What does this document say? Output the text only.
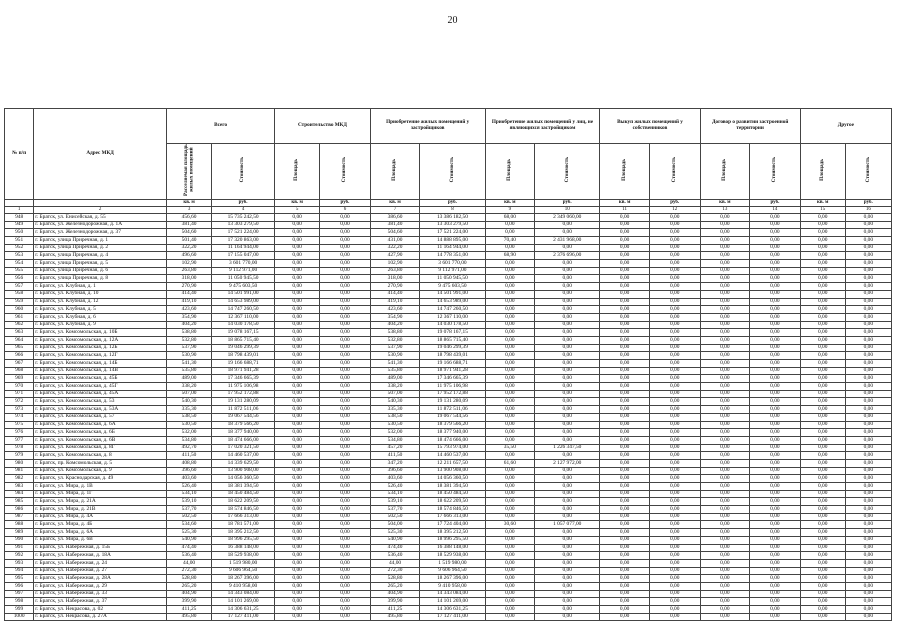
20
№ п/п	Адрес МКД	Всего		Строительство МКД		Приобретение жилых помещений у застройщиков		Приобретение жилых помещений у лиц, не являющихся застройщиком		Выкуп жилых помещений у собственников		Договор о развитии застроенной территории		Другое	
		Расселяемая площадь жилых помещений	Стоимость	Площадь	Стоимость	Площадь	Стоимость	Площадь	Стоимость	Площадь	Стоимость	Площадь	Стоимость	Площадь	Стоимость
		кв. м	руб.	кв. м	руб.	кв. м	руб.	кв. м	руб.	кв. м	руб.	кв. м	руб.	кв. м	руб.
1	2	3	4	5	6	7	8	9	10	11	12	13	14	15	16
948	г. Братск, ул. Енисейская, д. 55	456,60	15 735 242,50	0,00	0,00	386,60	13 386 182,50	68,00	2 349 060,00	0,00	0,00	0,00	0,00	0,00	0,00
949	г. Братск, ул. Железнодорожная, д. 1А	381,40	13 303 279,50	0,00	0,00	381,40	13 303 279,50	0,00	0,00	0,00	0,00	0,00	0,00	0,00	0,00
950	г. Братск, ул. Железнодорожная, д. 37	504,60	17 521 224,00	0,00	0,00	504,60	17 521 224,00	0,00	0,00	0,00	0,00	0,00	0,00	0,00	0,00
951	г. Братск, улица Приречная, д. 1	501,40	17 320 863,00	0,00	0,00	431,00	14 888 895,00	70,40	2 431 968,00	0,00	0,00	0,00	0,00	0,00	0,00
952	г. Братск, улица Приречная, д. 2	322,20	11 164 944,00	0,00	0,00	322,20	11 164 944,00	0,00	0,00	0,00	0,00	0,00	0,00	0,00	0,00
953	г. Братск, улица Приречная, д. 4	496,60	17 155 047,00	0,00	0,00	427,90	14 778 351,00	68,90	2 376 696,00	0,00	0,00	0,00	0,00	0,00	0,00
954	г. Братск, улица Приречная, д. 5	102,90	3 601 770,00	0,00	0,00	102,90	3 601 770,00	0,00	0,00	0,00	0,00	0,00	0,00	0,00	0,00
955	г. Братск, улица Приречная, д. 6	263,80	9 112 971,00	0,00	0,00	263,80	9 112 971,00	0,00	0,00	0,00	0,00	0,00	0,00	0,00	0,00
956	г. Братск, улица Приречная, д. 8	318,00	11 050 945,50	0,00	0,00	318,00	11 050 945,50	0,00	0,00	0,00	0,00	0,00	0,00	0,00	0,00
957	г. Братск, ул. Клубная, д. 1	270,90	9 475 603,50	0,00	0,00	270,90	9 475 603,50	0,00	0,00	0,00	0,00	0,00	0,00	0,00	0,00
958	г. Братск, ул. Клубная, д. 10	414,40	14 501 991,00	0,00	0,00	414,40	14 501 991,00	0,00	0,00	0,00	0,00	0,00	0,00	0,00	0,00
959	г. Братск, ул. Клубная, д. 12	419,10	14 653 989,00	0,00	0,00	419,10	14 653 989,00	0,00	0,00	0,00	0,00	0,00	0,00	0,00	0,00
960	г. Братск, ул. Клубная, д. 5	423,60	14 747 260,50	0,00	0,00	423,60	14 747 260,50	0,00	0,00	0,00	0,00	0,00	0,00	0,00	0,00
961	г. Братск, ул. Клубная, д. 6	354,90	12 367 110,00	0,00	0,00	354,90	12 367 110,00	0,00	0,00	0,00	0,00	0,00	0,00	0,00	0,00
962	г. Братск, ул. Клубная, д. 9	404,20	14 030 178,50	0,00	0,00	404,20	14 030 178,50	0,00	0,00	0,00	0,00	0,00	0,00	0,00	0,00
963	г. Братск, ул. Комсомольская, д. 10Б	538,80	19 078 167,15	0,00	0,00	538,80	19 078 167,15	0,00	0,00	0,00	0,00	0,00	0,00	0,00	0,00
964	г. Братск, ул. Комсомольская, д. 12А	532,80	18 865 715,40	0,00	0,00	532,80	18 865 715,40	0,00	0,00	0,00	0,00	0,00	0,00	0,00	0,00
965	г. Братск, ул. Комсомольская, д. 12Б	537,90	19 046 299,39	0,00	0,00	537,90	19 046 299,39	0,00	0,00	0,00	0,00	0,00	0,00	0,00	0,00
966	г. Братск, ул. Комсомольская, д. 12Г	530,90	18 798 439,01	0,00	0,00	530,90	18 798 439,01	0,00	0,00	0,00	0,00	0,00	0,00	0,00	0,00
967	г. Братск, ул. Комсомольская, д. 14Б	541,30	19 166 688,71	0,00	0,00	541,30	19 166 688,71	0,00	0,00	0,00	0,00	0,00	0,00	0,00	0,00
968	г. Братск, ул. Комсомольская, д. 14В	535,80	18 971 941,28	0,00	0,00	535,80	18 971 941,28	0,00	0,00	0,00	0,00	0,00	0,00	0,00	0,00
969	г. Братск, ул. Комсомольская, д. 45Б	489,00	17 346 665,39	0,00	0,00	489,00	17 346 665,39	0,00	0,00	0,00	0,00	0,00	0,00	0,00	0,00
970	г. Братск, ул. Комсомольская, д. 45Г	338,20	11 975 106,98	0,00	0,00	338,20	11 975 106,98	0,00	0,00	0,00	0,00	0,00	0,00	0,00	0,00
971	г. Братск, ул. Комсомольская, д. 45А	507,00	17 952 172,88	0,00	0,00	507,00	17 952 172,88	0,00	0,00	0,00	0,00	0,00	0,00	0,00	0,00
972	г. Братск, ул. Комсомольская, д. 53	540,30	19 131 280,09	0,00	0,00	540,30	19 131 280,09	0,00	0,00	0,00	0,00	0,00	0,00	0,00	0,00
973	г. Братск, ул. Комсомольская, д. 53А	335,30	11 872 511,06	0,00	0,00	335,30	11 872 511,06	0,00	0,00	0,00	0,00	0,00	0,00	0,00	0,00
974	г. Братск, ул. Комсомольская, д. 57	538,50	19 067 544,56	0,00	0,00	538,50	19 067 544,56	0,00	0,00	0,00	0,00	0,00	0,00	0,00	0,00
975	г. Братск, ул. Комсомольская, д. 6А	530,50	18 379 566,20	0,00	0,00	530,50	18 379 566,20	0,00	0,00	0,00	0,00	0,00	0,00	0,00	0,00
976	г. Братск, ул. Комсомольская, д. 6Б	532,00	18 377 940,00	0,00	0,00	532,00	18 377 940,00	0,00	0,00	0,00	0,00	0,00	0,00	0,00	0,00
977	г. Братск, ул. Комсомольская, д. 6В	534,80	18 474 666,00	0,00	0,00	534,80	18 474 666,00	0,00	0,00	0,00	0,00	0,00	0,00	0,00	0,00
978	г. Братск, ул. Комсомольская, д. 8Г	492,70	17 020 321,50	0,00	0,00	457,20	15 793 974,00	35,50	1 226 347,50	0,00	0,00	0,00	0,00	0,00	0,00
979	г. Братск, ул. Комсомольская, д. 8	411,50	14 460 537,00	0,00	0,00	411,50	14 460 537,00	0,00	0,00	0,00	0,00	0,00	0,00	0,00	0,00
980	г. Братск, пр. Комсомольская, д. 5	408,80	14 339 629,50	0,00	0,00	347,20	12 211 657,50	61,60	2 127 972,00	0,00	0,00	0,00	0,00	0,00	0,00
981	г. Братск, ул. Комсомольская, д. 9	396,60	13 900 908,00	0,00	0,00	396,60	13 900 908,00	0,00	0,00	0,00	0,00	0,00	0,00	0,00	0,00
982	г. Братск, ул. Краснодарская, д. 49	403,60	14 056 360,50	0,00	0,00	403,60	14 056 360,50	0,00	0,00	0,00	0,00	0,00	0,00	0,00	0,00
983	г. Братск, ул. Мира, д. 1В	526,40	18 381 394,50	0,00	0,00	526,40	18 381 394,50	0,00	0,00	0,00	0,00	0,00	0,00	0,00	0,00
984	г. Братск, ул. Мира, д. 1Г	534,10	18 450 484,50	0,00	0,00	534,10	18 450 484,50	0,00	0,00	0,00	0,00	0,00	0,00	0,00	0,00
985	г. Братск, ул. Мира, д. 21А	539,10	18 622 209,50	0,00	0,00	539,10	18 622 209,50	0,00	0,00	0,00	0,00	0,00	0,00	0,00	0,00
986	г. Братск, ул. Мира, д. 21В	537,70	18 574 846,50	0,00	0,00	537,70	18 574 846,50	0,00	0,00	0,00	0,00	0,00	0,00	0,00	0,00
987	г. Братск, ул. Мира, д. 4А	502,50	17 666 313,00	0,00	0,00	502,50	17 666 313,00	0,00	0,00	0,00	0,00	0,00	0,00	0,00	0,00
988	г. Братск, ул. Мира, д. 4Б	534,60	18 781 571,00	0,00	0,00	504,00	17 724 404,00	30,60	1 057 077,00	0,00	0,00	0,00	0,00	0,00	0,00
989	г. Братск, ул. Мира, д. 6А	525,30	18 395 212,50	0,00	0,00	525,30	18 395 212,50	0,00	0,00	0,00	0,00	0,00	0,00	0,00	0,00
990	г. Братск, ул. Мира, д. 6В	540,90	18 996 295,50	0,00	0,00	540,90	18 996 295,50	0,00	0,00	0,00	0,00	0,00	0,00	0,00	0,00
991	г. Братск, ул. Набережная, д. 15Б	474,40	16 388 148,00	0,00	0,00	474,40	16 388 148,00	0,00	0,00	0,00	0,00	0,00	0,00	0,00	0,00
992	г. Братск, ул. Набережная, д. 18А	536,40	18 529 938,00	0,00	0,00	536,40	18 529 938,00	0,00	0,00	0,00	0,00	0,00	0,00	0,00	0,00
993	г. Братск, ул. Набережная, д. 24	44,00	1 519 980,00	0,00	0,00	44,00	1 519 980,00	0,00	0,00	0,00	0,00	0,00	0,00	0,00	0,00
994	г. Братск, ул. Набережная, д. 27	272,30	9 606 964,50	0,00	0,00	272,30	9 606 964,50	0,00	0,00	0,00	0,00	0,00	0,00	0,00	0,00
995	г. Братск, ул. Набережная, д. 28А	528,80	18 267 396,00	0,00	0,00	528,80	18 267 396,00	0,00	0,00	0,00	0,00	0,00	0,00	0,00	0,00
996	г. Братск, ул. Набережная, д. 29	265,20	9 410 958,00	0,00	0,00	265,20	9 410 958,00	0,00	0,00	0,00	0,00	0,00	0,00	0,00	0,00
997	г. Братск, ул. Набережная, д. 33	404,90	14 343 084,00	0,00	0,00	404,90	14 343 084,00	0,00	0,00	0,00	0,00	0,00	0,00	0,00	0,00
998	г. Братск, ул. Набережная, д. 37	399,90	14 101 269,00	0,00	0,00	399,90	14 101 269,00	0,00	0,00	0,00	0,00	0,00	0,00	0,00	0,00
999	г. Братск, ул. Некрасова, д. 02	411,25	14 306 631,25	0,00	0,00	411,25	14 306 631,25	0,00	0,00	0,00	0,00	0,00	0,00	0,00	0,00
1000	г. Братск, ул. Некрасова, д. 27А	495,80	17 127 411,00	0,00	0,00	495,80	17 127 411,00	0,00	0,00	0,00	0,00	0,00	0,00	0,00	0,00
